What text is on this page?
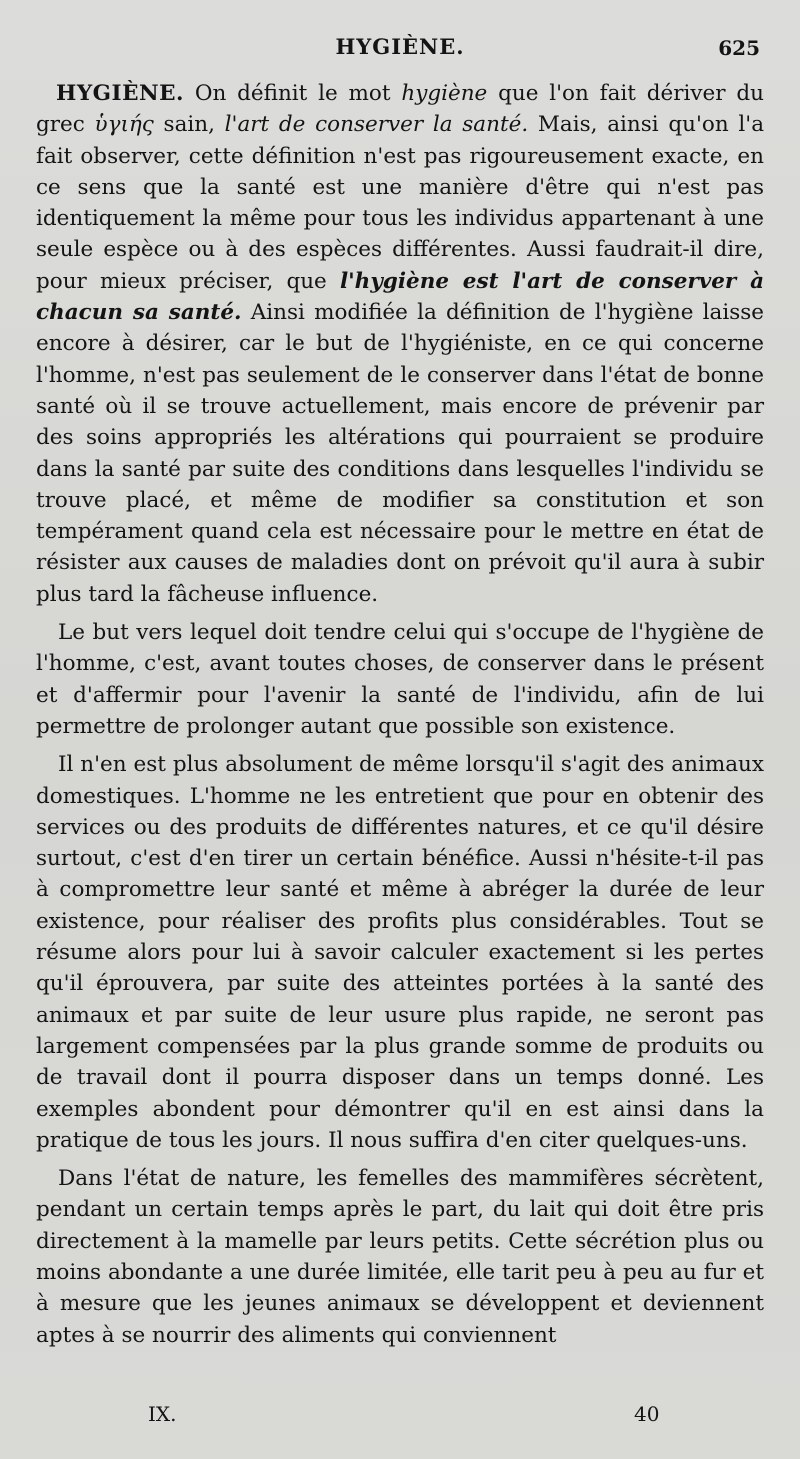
HYGIÈNE.	625

HYGIÈNE. On définit le mot hygiène que l'on fait dériver du grec ὑγιής sain, l'art de conserver la santé. Mais, ainsi qu'on l'a fait observer, cette définition n'est pas rigoureusement exacte, en ce sens que la santé est une manière d'être qui n'est pas identiquement la même pour tous les individus appartenant à une seule espèce ou à des espèces différentes. Aussi faudrait-il dire, pour mieux préciser, que l'hygiène est l'art de conserver à chacun sa santé. Ainsi modifiée la définition de l'hygiène laisse encore à désirer, car le but de l'hygiéniste, en ce qui concerne l'homme, n'est pas seulement de le conserver dans l'état de bonne santé où il se trouve actuellement, mais encore de prévenir par des soins appropriés les altérations qui pourraient se produire dans la santé par suite des conditions dans lesquelles l'individu se trouve placé, et même de modifier sa constitution et son tempérament quand cela est nécessaire pour le mettre en état de résister aux causes de maladies dont on prévoit qu'il aura à subir plus tard la fâcheuse influence.

Le but vers lequel doit tendre celui qui s'occupe de l'hygiène de l'homme, c'est, avant toutes choses, de conserver dans le présent et d'affermir pour l'avenir la santé de l'individu, afin de lui permettre de prolonger autant que possible son existence.

Il n'en est plus absolument de même lorsqu'il s'agit des animaux domestiques. L'homme ne les entretient que pour en obtenir des services ou des produits de différentes natures, et ce qu'il désire surtout, c'est d'en tirer un certain bénéfice. Aussi n'hésite-t-il pas à compromettre leur santé et même à abréger la durée de leur existence, pour réaliser des profits plus considérables. Tout se résume alors pour lui à savoir calculer exactement si les pertes qu'il éprouvera, par suite des atteintes portées à la santé des animaux et par suite de leur usure plus rapide, ne seront pas largement compensées par la plus grande somme de produits ou de travail dont il pourra disposer dans un temps donné. Les exemples abondent pour démontrer qu'il en est ainsi dans la pratique de tous les jours. Il nous suffira d'en citer quelques-uns.

Dans l'état de nature, les femelles des mammifères sécrètent, pendant un certain temps après le part, du lait qui doit être pris directement à la mamelle par leurs petits. Cette sécrétion plus ou moins abondante a une durée limitée, elle tarit peu à peu au fur et à mesure que les jeunes animaux se développent et deviennent aptes à se nourrir des aliments qui conviennent

IX.	40
